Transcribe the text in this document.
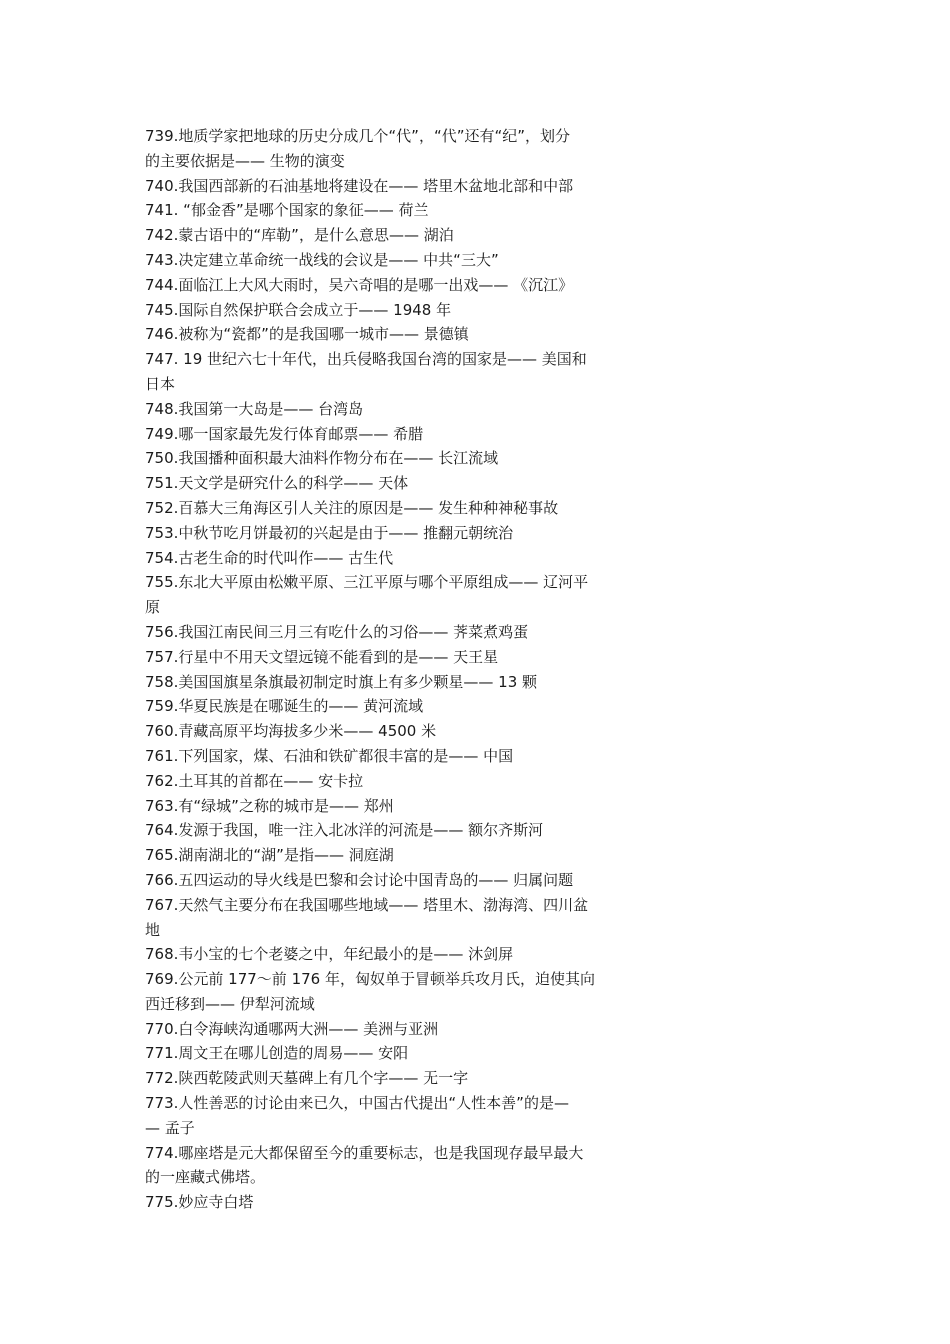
739.地质学家把地球的历史分成几个“代”，“代”还有“纪”，划分
的主要依据是—— 生物的演变
740.我国西部新的石油基地将建设在—— 塔里木盆地北部和中部
741. “郁金香”是哪个国家的象征—— 荷兰
742.蒙古语中的“库勒”，是什么意思—— 湖泊
743.决定建立革命统一战线的会议是—— 中共“三大”
744.面临江上大风大雨时，吴六奇唱的是哪一出戏—— 《沉江》
745.国际自然保护联合会成立于—— 1948 年
746.被称为“瓷都”的是我国哪一城市—— 景德镇
747. 19 世纪六七十年代，出兵侵略我国台湾的国家是—— 美国和
日本
748.我国第一大岛是—— 台湾岛
749.哪一国家最先发行体育邮票—— 希腊
750.我国播种面积最大油料作物分布在—— 长江流域
751.天文学是研究什么的科学—— 天体
752.百慕大三角海区引人关注的原因是—— 发生种种神秘事故
753.中秋节吃月饼最初的兴起是由于—— 推翻元朝统治
754.古老生命的时代叫作—— 古生代
755.东北大平原由松嫩平原、三江平原与哪个平原组成—— 辽河平
原
756.我国江南民间三月三有吃什么的习俗—— 荠菜煮鸡蛋
757.行星中不用天文望远镜不能看到的是—— 天王星
758.美国国旗星条旗最初制定时旗上有多少颗星—— 13 颗
759.华夏民族是在哪诞生的—— 黄河流域
760.青藏高原平均海拔多少米—— 4500 米
761.下列国家，煤、石油和铁矿都很丰富的是—— 中国
762.土耳其的首都在—— 安卡拉
763.有“绿城”之称的城市是—— 郑州
764.发源于我国，唯一注入北冰洋的河流是—— 额尔齐斯河
765.湖南湖北的“湖”是指—— 洞庭湖
766.五四运动的导火线是巴黎和会讨论中国青岛的—— 归属问题
767.天然气主要分布在我国哪些地域—— 塔里木、渤海湾、四川盆
地
768.韦小宝的七个老婆之中，年纪最小的是—— 沐剑屏
769.公元前 177～前 176 年，匈奴单于冒顿举兵攻月氏，迫使其向
西迁移到—— 伊犁河流域
770.白令海峡沟通哪两大洲—— 美洲与亚洲
771.周文王在哪儿创造的周易—— 安阳
772.陕西乾陵武则天墓碑上有几个字—— 无一字
773.人性善恶的讨论由来已久，中国古代提出“人性本善”的是—
— 孟子
774.哪座塔是元大都保留至今的重要标志，也是我国现存最早最大
的一座藏式佛塔。
775.妙应寺白塔
